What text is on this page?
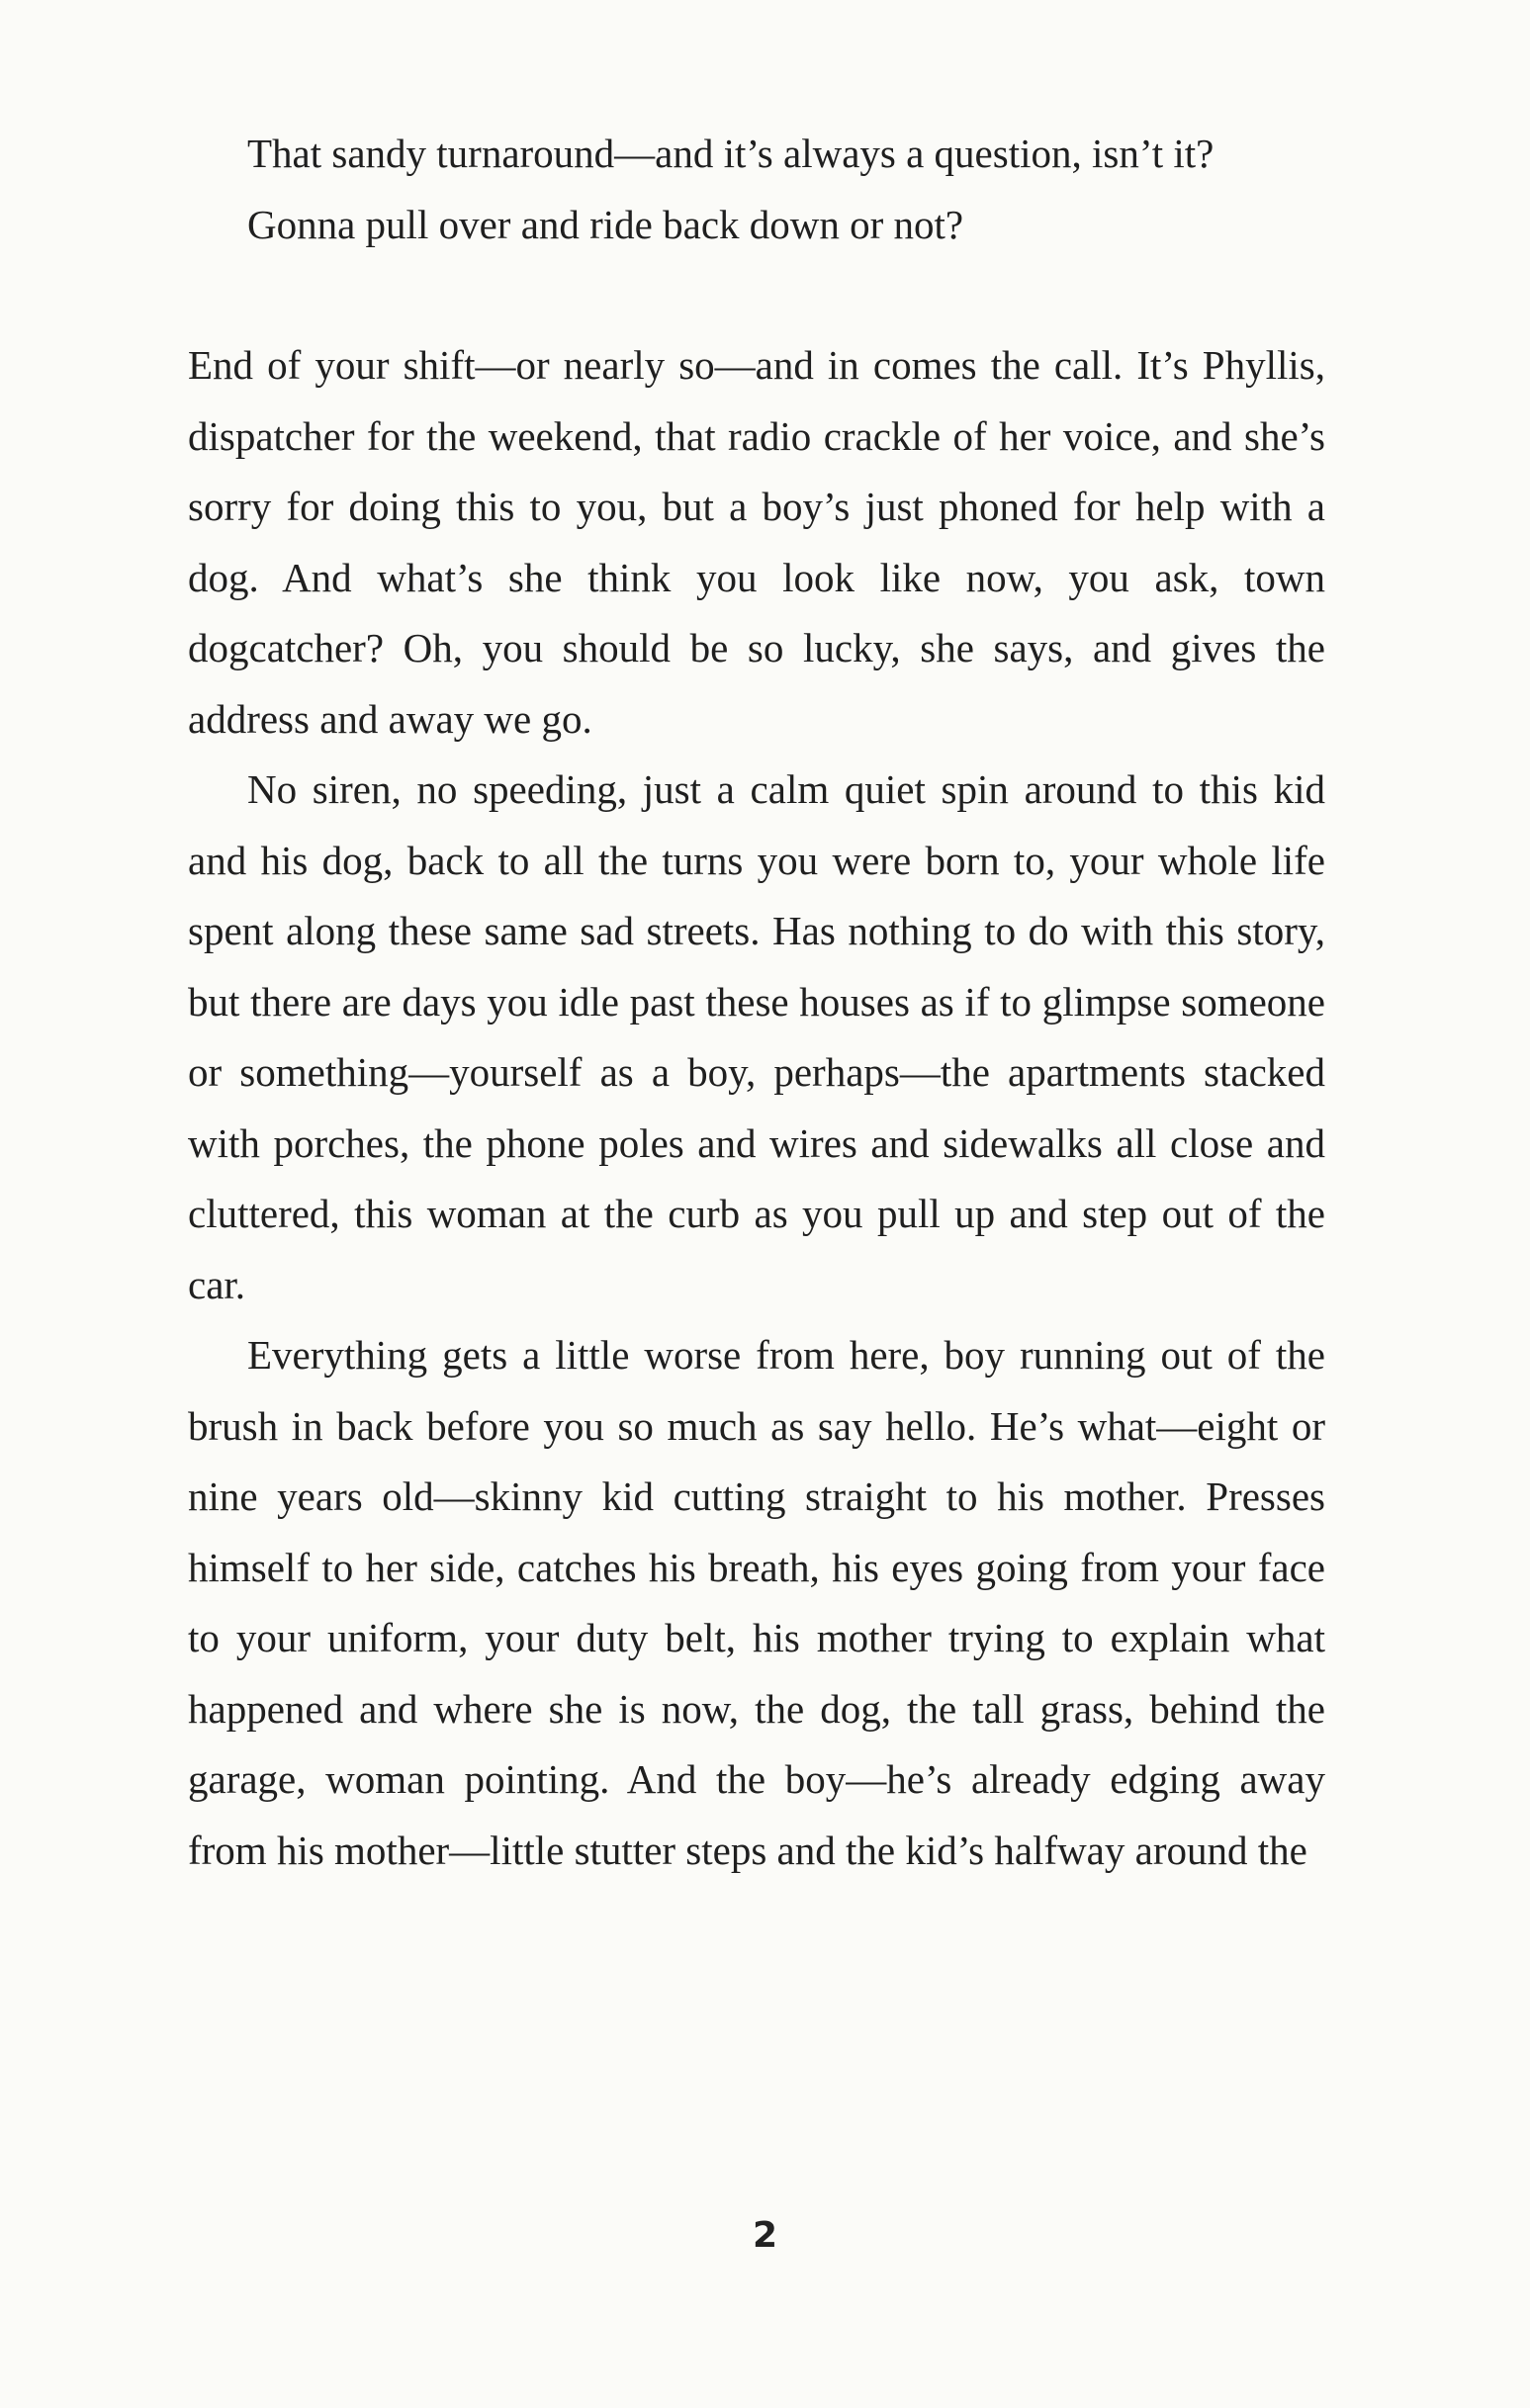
That sandy turnaround—and it’s always a question, isn’t it?

Gonna pull over and ride back down or not?

End of your shift—or nearly so—and in comes the call. It’s Phyllis, dispatcher for the weekend, that radio crackle of her voice, and she’s sorry for doing this to you, but a boy’s just phoned for help with a dog. And what’s she think you look like now, you ask, town dogcatcher? Oh, you should be so lucky, she says, and gives the address and away we go.

No siren, no speeding, just a calm quiet spin around to this kid and his dog, back to all the turns you were born to, your whole life spent along these same sad streets. Has nothing to do with this story, but there are days you idle past these houses as if to glimpse someone or something—yourself as a boy, perhaps—the apartments stacked with porches, the phone poles and wires and sidewalks all close and cluttered, this woman at the curb as you pull up and step out of the car.

Everything gets a little worse from here, boy running out of the brush in back before you so much as say hello. He’s what—eight or nine years old—skinny kid cutting straight to his mother. Presses himself to her side, catches his breath, his eyes going from your face to your uniform, your duty belt, his mother trying to explain what happened and where she is now, the dog, the tall grass, behind the garage, woman pointing. And the boy—he’s already edging away from his mother—little stutter steps and the kid’s halfway around the

2
